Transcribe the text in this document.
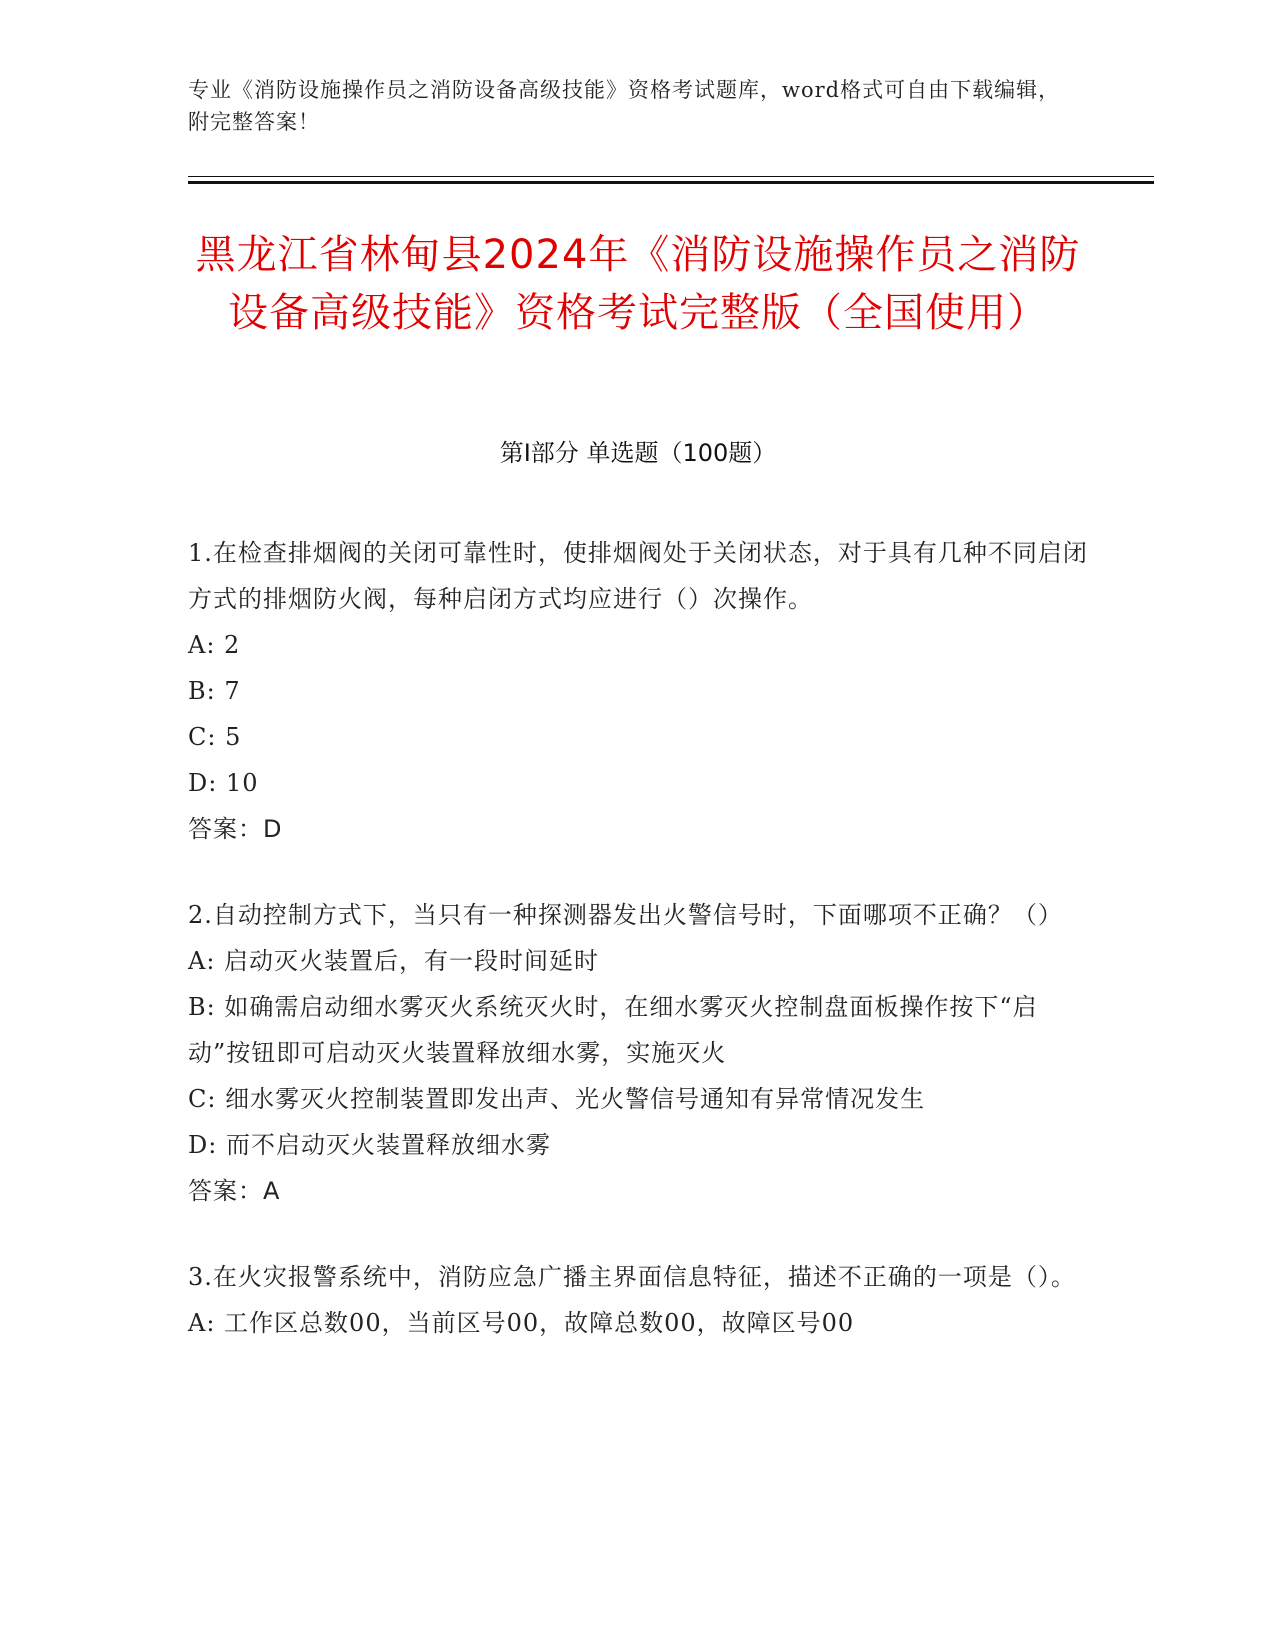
专业《消防设施操作员之消防设备高级技能》资格考试题库，word格式可自由下载编辑，附完整答案！
黑龙江省林甸县2024年《消防设施操作员之消防设备高级技能》资格考试完整版（全国使用）
第I部分 单选题（100题）

1.在检查排烟阀的关闭可靠性时，使排烟阀处于关闭状态，对于具有几种不同启闭方式的排烟防火阀，每种启闭方式均应进行（）次操作。

A: 2

B: 7

C: 5

D: 10

答案：D

2.自动控制方式下，当只有一种探测器发出火警信号时，下面哪项不正确？（）

A: 启动灭火装置后，有一段时间延时

B: 如确需启动细水雾灭火系统灭火时，在细水雾灭火控制盘面板操作按下“启动”按钮即可启动灭火装置释放细水雾，实施灭火

C: 细水雾灭火控制装置即发出声、光火警信号通知有异常情况发生

D: 而不启动灭火装置释放细水雾

答案：A

3.在火灾报警系统中，消防应急广播主界面信息特征，描述不正确的一项是（）。

A: 工作区总数00，当前区号00，故障总数00，故障区号00
